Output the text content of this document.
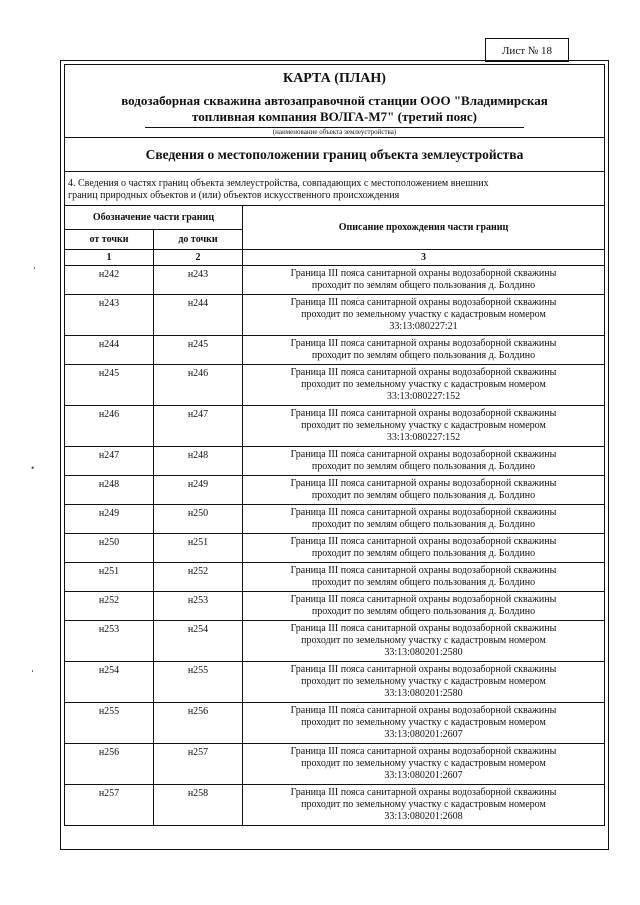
Лист № 18
ʻ
•
ʻ
КАРТА (ПЛАН)
водозаборная скважина автозаправочной станции ООО "Владимирская
топливная компания ВОЛГА-М7" (третий пояс)
(наименование объекта землеустройства)
Сведения о местоположении границ объекта землеустройства
4. Сведения о частях границ объекта землеустройства, совпадающих с местоположением внешних
границ природных объектов и (или) объектов искусственного происхождения
Обозначение части границ		Описание прохождения части границ
от точки	до точки	
1	2	3
н242	н243	Граница III пояса санитарной охраны водозаборной скважины
проходит по землям общего пользования д. Болдино

н243	н244	Граница III пояса санитарной охраны водозаборной скважины
проходит по земельному участку с кадастровым номером
33:13:080227:21

н244	н245	Граница III пояса санитарной охраны водозаборной скважины
проходит по землям общего пользования д. Болдино

н245	н246	Граница III пояса санитарной охраны водозаборной скважины
проходит по земельному участку с кадастровым номером
33:13:080227:152

н246	н247	Граница III пояса санитарной охраны водозаборной скважины
проходит по земельному участку с кадастровым номером
33:13:080227:152

н247	н248	Граница III пояса санитарной охраны водозаборной скважины
проходит по землям общего пользования д. Болдино

н248	н249	Граница III пояса санитарной охраны водозаборной скважины
проходит по землям общего пользования д. Болдино

н249	н250	Граница III пояса санитарной охраны водозаборной скважины
проходит по землям общего пользования д. Болдино

н250	н251	Граница III пояса санитарной охраны водозаборной скважины
проходит по землям общего пользования д. Болдино

н251	н252	Граница III пояса санитарной охраны водозаборной скважины
проходит по землям общего пользования д. Болдино

н252	н253	Граница III пояса санитарной охраны водозаборной скважины
проходит по землям общего пользования д. Болдино

н253	н254	Граница III пояса санитарной охраны водозаборной скважины
проходит по земельному участку с кадастровым номером
33:13:080201:2580

н254	н255	Граница III пояса санитарной охраны водозаборной скважины
проходит по земельному участку с кадастровым номером
33:13:080201:2580

н255	н256	Граница III пояса санитарной охраны водозаборной скважины
проходит по земельному участку с кадастровым номером
33:13:080201:2607

н256	н257	Граница III пояса санитарной охраны водозаборной скважины
проходит по земельному участку с кадастровым номером
33:13:080201:2607

н257	н258	Граница III пояса санитарной охраны водозаборной скважины
проходит по земельному участку с кадастровым номером
33:13:080201:2608
